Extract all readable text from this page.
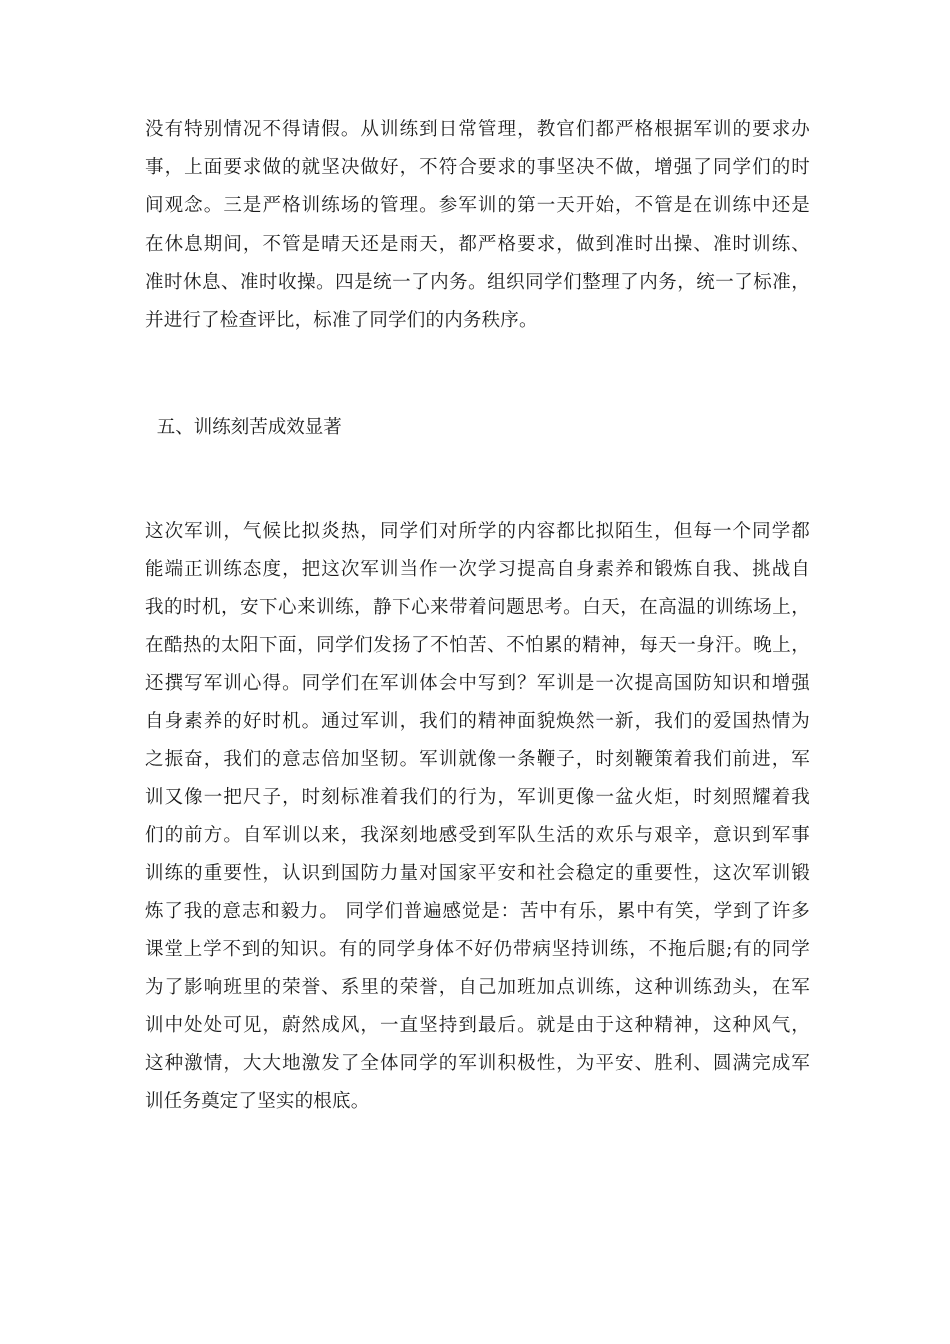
没有特别情况不得请假。从训练到日常管理，教官们都严格根据军训的要求办
事，上面要求做的就坚决做好，不符合要求的事坚决不做，增强了同学们的时
间观念。三是严格训练场的管理。参军训的第一天开始，不管是在训练中还是
在休息期间，不管是晴天还是雨天，都严格要求，做到准时出操、准时训练、
准时休息、准时收操。四是统一了内务。组织同学们整理了内务，统一了标准，
并进行了检查评比，标准了同学们的内务秩序。
五、训练刻苦成效显著
这次军训，气候比拟炎热，同学们对所学的内容都比拟陌生，但每一个同学都
能端正训练态度，把这次军训当作一次学习提高自身素养和锻炼自我、挑战自
我的时机，安下心来训练，静下心来带着问题思考。白天，在高温的训练场上，
在酷热的太阳下面，同学们发扬了不怕苦、不怕累的精神，每天一身汗。晚上，
还撰写军训心得。同学们在军训体会中写到？军训是一次提高国防知识和增强
自身素养的好时机。通过军训，我们的精神面貌焕然一新，我们的爱国热情为
之振奋，我们的意志倍加坚韧。军训就像一条鞭子，时刻鞭策着我们前进，军
训又像一把尺子，时刻标准着我们的行为，军训更像一盆火炬，时刻照耀着我
们的前方。自军训以来，我深刻地感受到军队生活的欢乐与艰辛，意识到军事
训练的重要性，认识到国防力量对国家平安和社会稳定的重要性，这次军训锻
炼了我的意志和毅力。 同学们普遍感觉是：苦中有乐，累中有笑，学到了许多
课堂上学不到的知识。有的同学身体不好仍带病坚持训练，不拖后腿;有的同学
为了影响班里的荣誉、系里的荣誉，自己加班加点训练，这种训练劲头，在军
训中处处可见，蔚然成风，一直坚持到最后。就是由于这种精神，这种风气，
这种激情，大大地激发了全体同学的军训积极性，为平安、胜利、圆满完成军
训任务奠定了坚实的根底。
